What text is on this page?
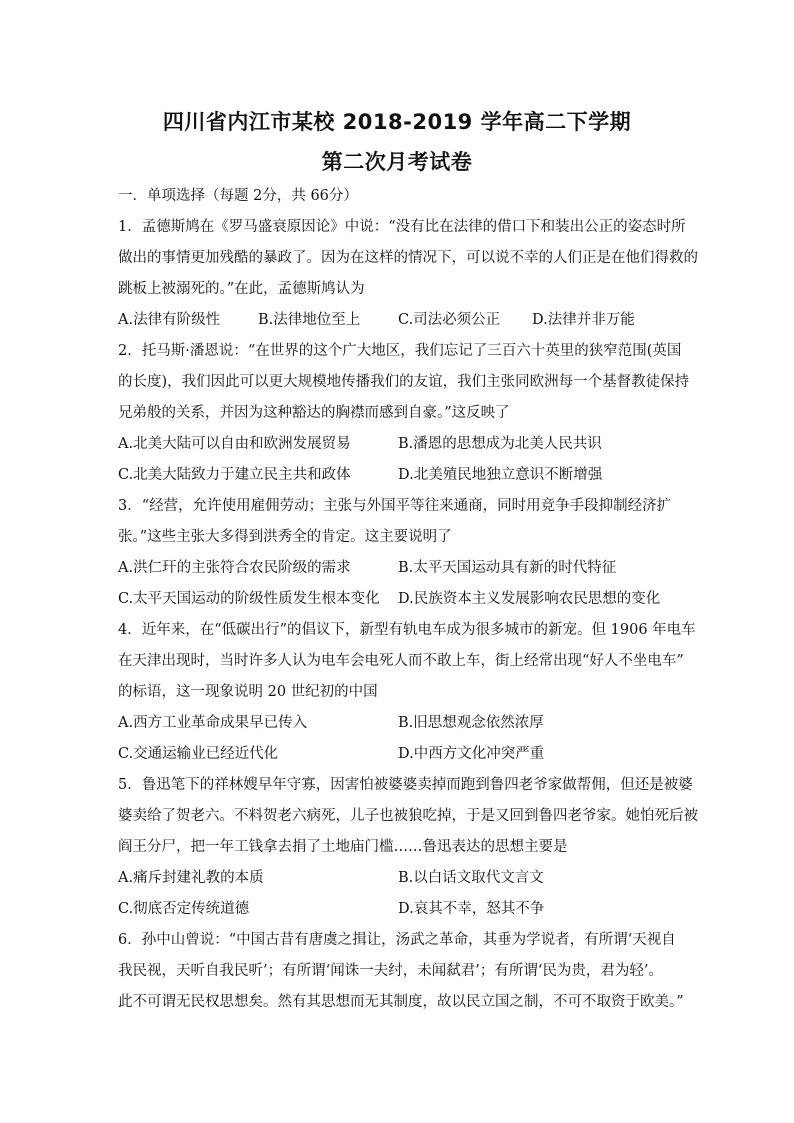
四川省内江市某校 2018-2019 学年高二下学期
第二次月考试卷
一．单项选择（每题 2分，共 66分）
1．孟德斯鸠在《罗马盛衰原因论》中说：“没有比在法律的借口下和装出公正的姿态时所
做出的事情更加残酷的暴政了。因为在这样的情况下，可以说不幸的人们正是在他们得救的
跳板上被溺死的。”在此，孟德斯鸠认为
A.法律有阶级性	B.法律地位至上	C.司法必须公正 D.法律并非万能
2．托马斯·潘恩说：“在世界的这个广大地区，我们忘记了三百六十英里的狭窄范围(英国
的长度)，我们因此可以更大规模地传播我们的友谊，我们主张同欧洲每一个基督教徒保持
兄弟般的关系，并因为这种豁达的胸襟而感到自豪。”这反映了
A.北美大陆可以自由和欧洲发展贸易	B.潘恩的思想成为北美人民共识
C.北美大陆致力于建立民主共和政体	D.北美殖民地独立意识不断增强
3．“经营，允许使用雇佣劳动；主张与外国平等往来通商，同时用竞争手段抑制经济扩
张。”这些主张大多得到洪秀全的肯定。这主要说明了
A.洪仁玕的主张符合农民阶级的需求	B.太平天国运动具有新的时代特征
C.太平天国运动的阶级性质发生根本变化 D.民族资本主义发展影响农民思想的变化
4．近年来，在“低碳出行”的倡议下，新型有轨电车成为很多城市的新宠。但 1906 年电车
在天津出现时，当时许多人认为电车会电死人而不敢上车，街上经常出现“好人不坐电车”
的标语，这一现象说明 20 世纪初的中国
A.西方工业革命成果早已传入	B.旧思想观念依然浓厚
C.交通运输业已经近代化	D.中西方文化冲突严重
5．鲁迅笔下的祥林嫂早年守寡，因害怕被婆婆卖掉而跑到鲁四老爷家做帮佣，但还是被婆
婆卖给了贺老六。不料贺老六病死，儿子也被狼吃掉，于是又回到鲁四老爷家。她怕死后被
阎王分尸，把一年工钱拿去捐了土地庙门槛……鲁迅表达的思想主要是
A.痛斥封建礼教的本质	B.以白话文取代文言文
C.彻底否定传统道德	D.哀其不幸，怒其不争
6．孙中山曾说：“中国古昔有唐虞之揖让，汤武之革命，其垂为学说者，有所谓‘天视自
我民视，天听自我民听’；有所谓‘闻诛一夫纣，未闻弑君’；有所谓‘民为贵，君为轻’。
此不可谓无民权思想矣。然有其思想而无其制度，故以民立国之制，不可不取资于欧美。”
